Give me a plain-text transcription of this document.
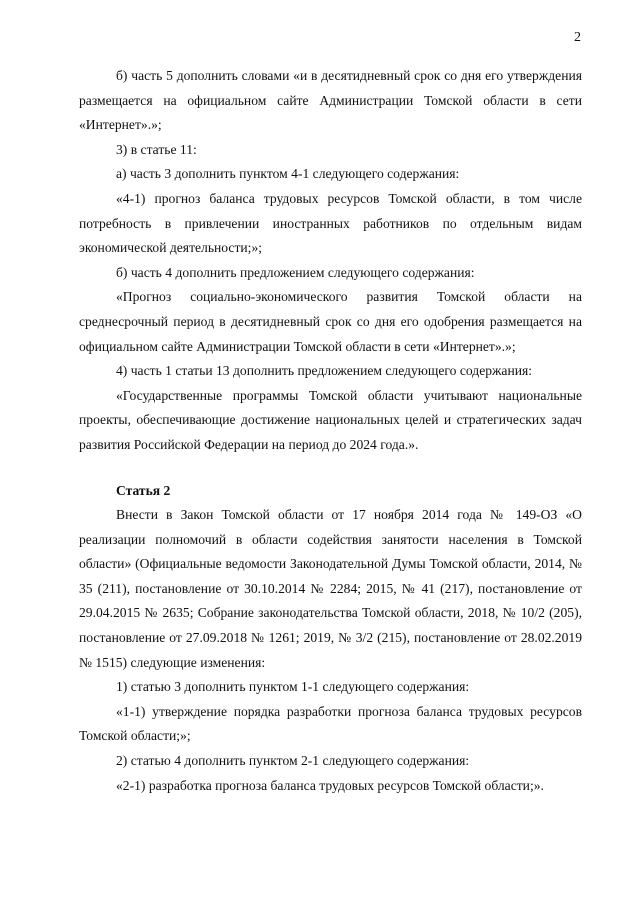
2

б) часть 5 дополнить словами «и в десятидневный срок со дня его утверждения размещается на официальном сайте Администрации Томской области в сети «Интернет».»;

3) в статье 11:

а) часть 3 дополнить пунктом 4-1 следующего содержания:

«4-1) прогноз баланса трудовых ресурсов Томской области, в том числе потребность в привлечении иностранных работников по отдельным видам экономической деятельности;»;

б) часть 4 дополнить предложением следующего содержания:

«Прогноз социально-экономического развития Томской области на среднесрочный период в десятидневный срок со дня его одобрения размещается на официальном сайте Администрации Томской области в сети «Интернет».»;

4) часть 1 статьи 13 дополнить предложением следующего содержания:

«Государственные программы Томской области учитывают национальные проекты, обеспечивающие достижение национальных целей и стратегических задач развития Российской Федерации на период до 2024 года.».

Статья 2

Внести в Закон Томской области от 17 ноября 2014 года № 149-ОЗ «О реализации полномочий в области содействия занятости населения в Томской области» (Официальные ведомости Законодательной Думы Томской области, 2014, № 35 (211), постановление от 30.10.2014 № 2284; 2015, № 41 (217), постановление от 29.04.2015 № 2635; Собрание законодательства Томской области, 2018, № 10/2 (205), постановление от 27.09.2018 № 1261; 2019, № 3/2 (215), постановление от 28.02.2019 № 1515) следующие изменения:

1) статью 3 дополнить пунктом 1-1 следующего содержания:

«1-1) утверждение порядка разработки прогноза баланса трудовых ресурсов Томской области;»;

2) статью 4 дополнить пунктом 2-1 следующего содержания:

«2-1) разработка прогноза баланса трудовых ресурсов Томской области;».
